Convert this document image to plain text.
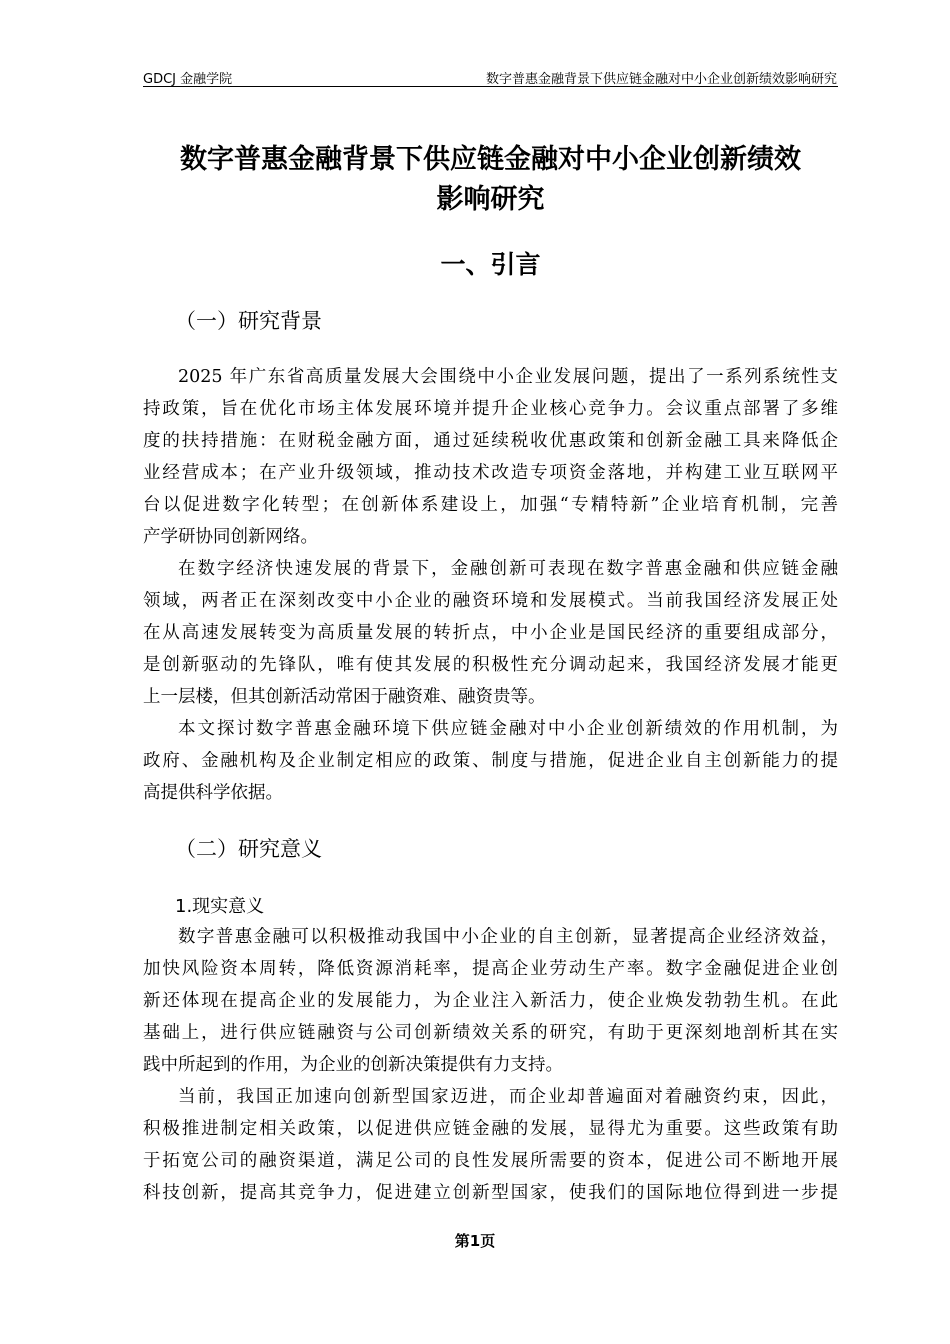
GDCJ 金融学院	数字普惠金融背景下供应链金融对中小企业创新绩效影响研究
数字普惠金融背景下供应链金融对中小企业创新绩效
影响研究
一、引言
（一）研究背景
2025 年广东省高质量发展大会围绕中小企业发展问题，提出了一系列系统性支
持政策，旨在优化市场主体发展环境并提升企业核心竞争力。会议重点部署了多维
度的扶持措施：在财税金融方面，通过延续税收优惠政策和创新金融工具来降低企
业经营成本；在产业升级领域，推动技术改造专项资金落地，并构建工业互联网平
台以促进数字化转型；在创新体系建设上，加强“专精特新”企业培育机制，完善
产学研协同创新网络。
在数字经济快速发展的背景下，金融创新可表现在数字普惠金融和供应链金融
领域，两者正在深刻改变中小企业的融资环境和发展模式。当前我国经济发展正处
在从高速发展转变为高质量发展的转折点，中小企业是国民经济的重要组成部分，
是创新驱动的先锋队，唯有使其发展的积极性充分调动起来，我国经济发展才能更
上一层楼，但其创新活动常困于融资难、融资贵等。
本文探讨数字普惠金融环境下供应链金融对中小企业创新绩效的作用机制，为
政府、金融机构及企业制定相应的政策、制度与措施，促进企业自主创新能力的提
高提供科学依据。
（二）研究意义
1.现实意义
数字普惠金融可以积极推动我国中小企业的自主创新，显著提高企业经济效益，
加快风险资本周转，降低资源消耗率，提高企业劳动生产率。数字金融促进企业创
新还体现在提高企业的发展能力，为企业注入新活力，使企业焕发勃勃生机。在此
基础上，进行供应链融资与公司创新绩效关系的研究，有助于更深刻地剖析其在实
践中所起到的作用，为企业的创新决策提供有力支持。
当前，我国正加速向创新型国家迈进，而企业却普遍面对着融资约束，因此，
积极推进制定相关政策，以促进供应链金融的发展，显得尤为重要。这些政策有助
于拓宽公司的融资渠道，满足公司的良性发展所需要的资本，促进公司不断地开展
科技创新，提高其竞争力，促进建立创新型国家，使我们的国际地位得到进一步提
第1页
